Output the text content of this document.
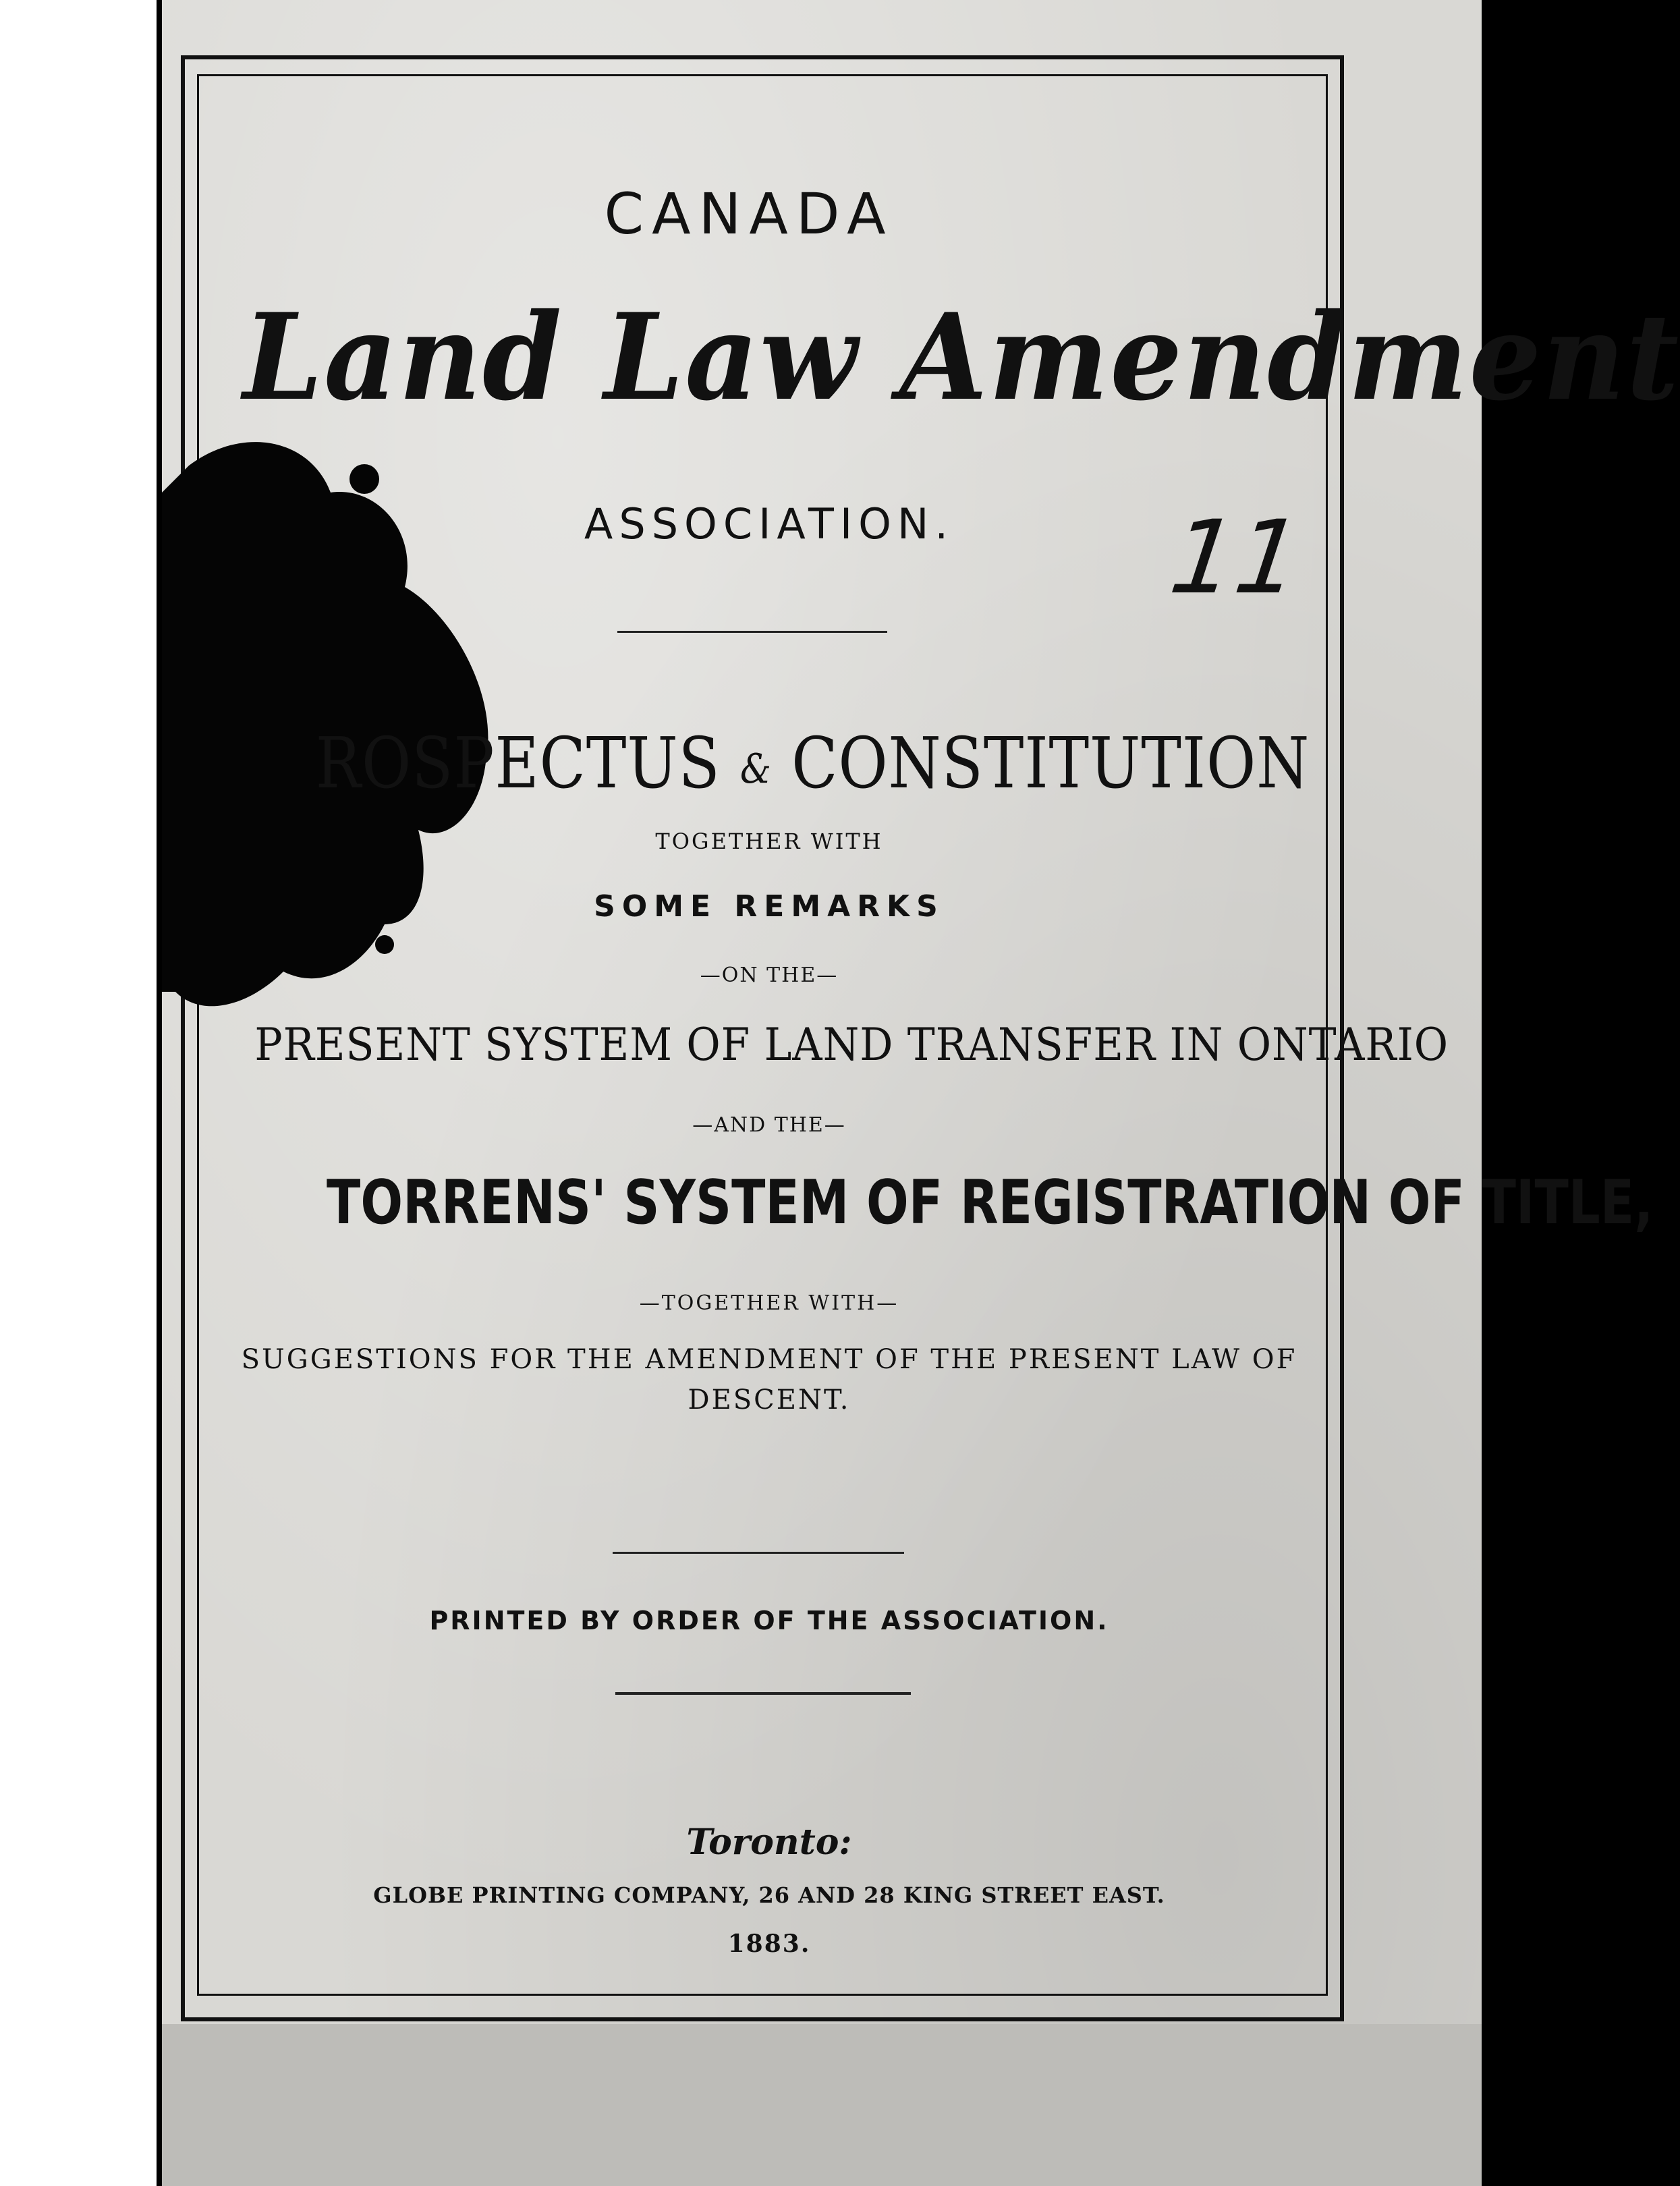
CANADA
Land Law Amendment
ASSOCIATION.	11
ROSPECTUS & CONSTITUTION
TOGETHER WITH
SOME REMARKS
—ON THE—
PRESENT SYSTEM OF LAND TRANSFER IN ONTARIO
—AND THE—
TORRENS' SYSTEM OF REGISTRATION OF TITLE,
—TOGETHER WITH—
SUGGESTIONS FOR THE AMENDMENT OF THE PRESENT LAW OF
DESCENT.
PRINTED BY ORDER OF THE ASSOCIATION.
Toronto:
GLOBE PRINTING COMPANY, 26 AND 28 KING STREET EAST.
1883.
